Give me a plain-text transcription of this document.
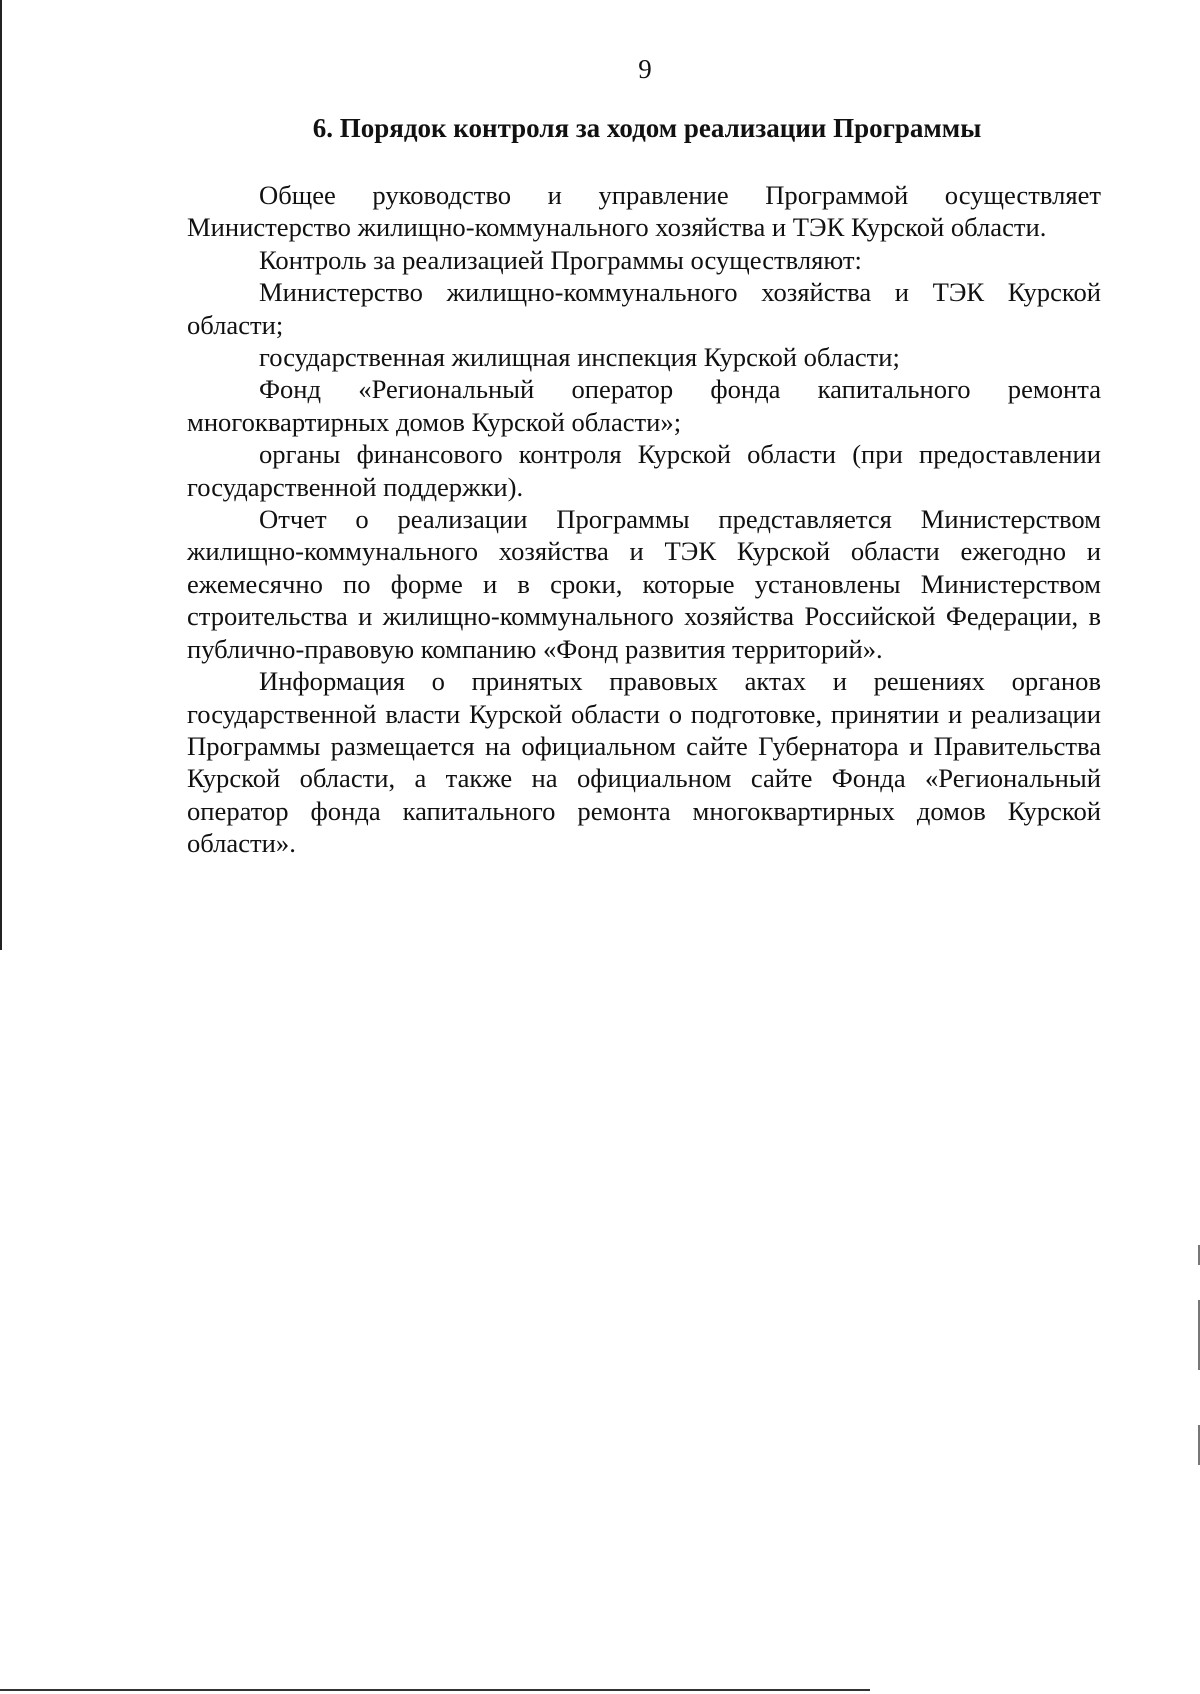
9
6. Порядок контроля за ходом реализации Программы

Общее руководство и управление Программой осуществляет Министерство жилищно-коммунального хозяйства и ТЭК Курской области.

Контроль за реализацией Программы осуществляют:

Министерство жилищно-коммунального хозяйства и ТЭК Курской области;

государственная жилищная инспекция Курской области;

Фонд «Региональный оператор фонда капитального ремонта многоквартирных домов Курской области»;

органы финансового контроля Курской области (при предоставлении государственной поддержки).

Отчет о реализации Программы представляется Министерством жилищно-коммунального хозяйства и ТЭК Курской области ежегодно и ежемесячно по форме и в сроки, которые установлены Министерством строительства и жилищно-коммунального хозяйства Российской Федерации, в публично-правовую компанию «Фонд развития территорий».

Информация о принятых правовых актах и решениях органов государственной власти Курской области о подготовке, принятии и реализации Программы размещается на официальном сайте Губернатора и Правительства Курской области, а также на официальном сайте Фонда «Региональный оператор фонда капитального ремонта многоквартирных домов Курской области».
